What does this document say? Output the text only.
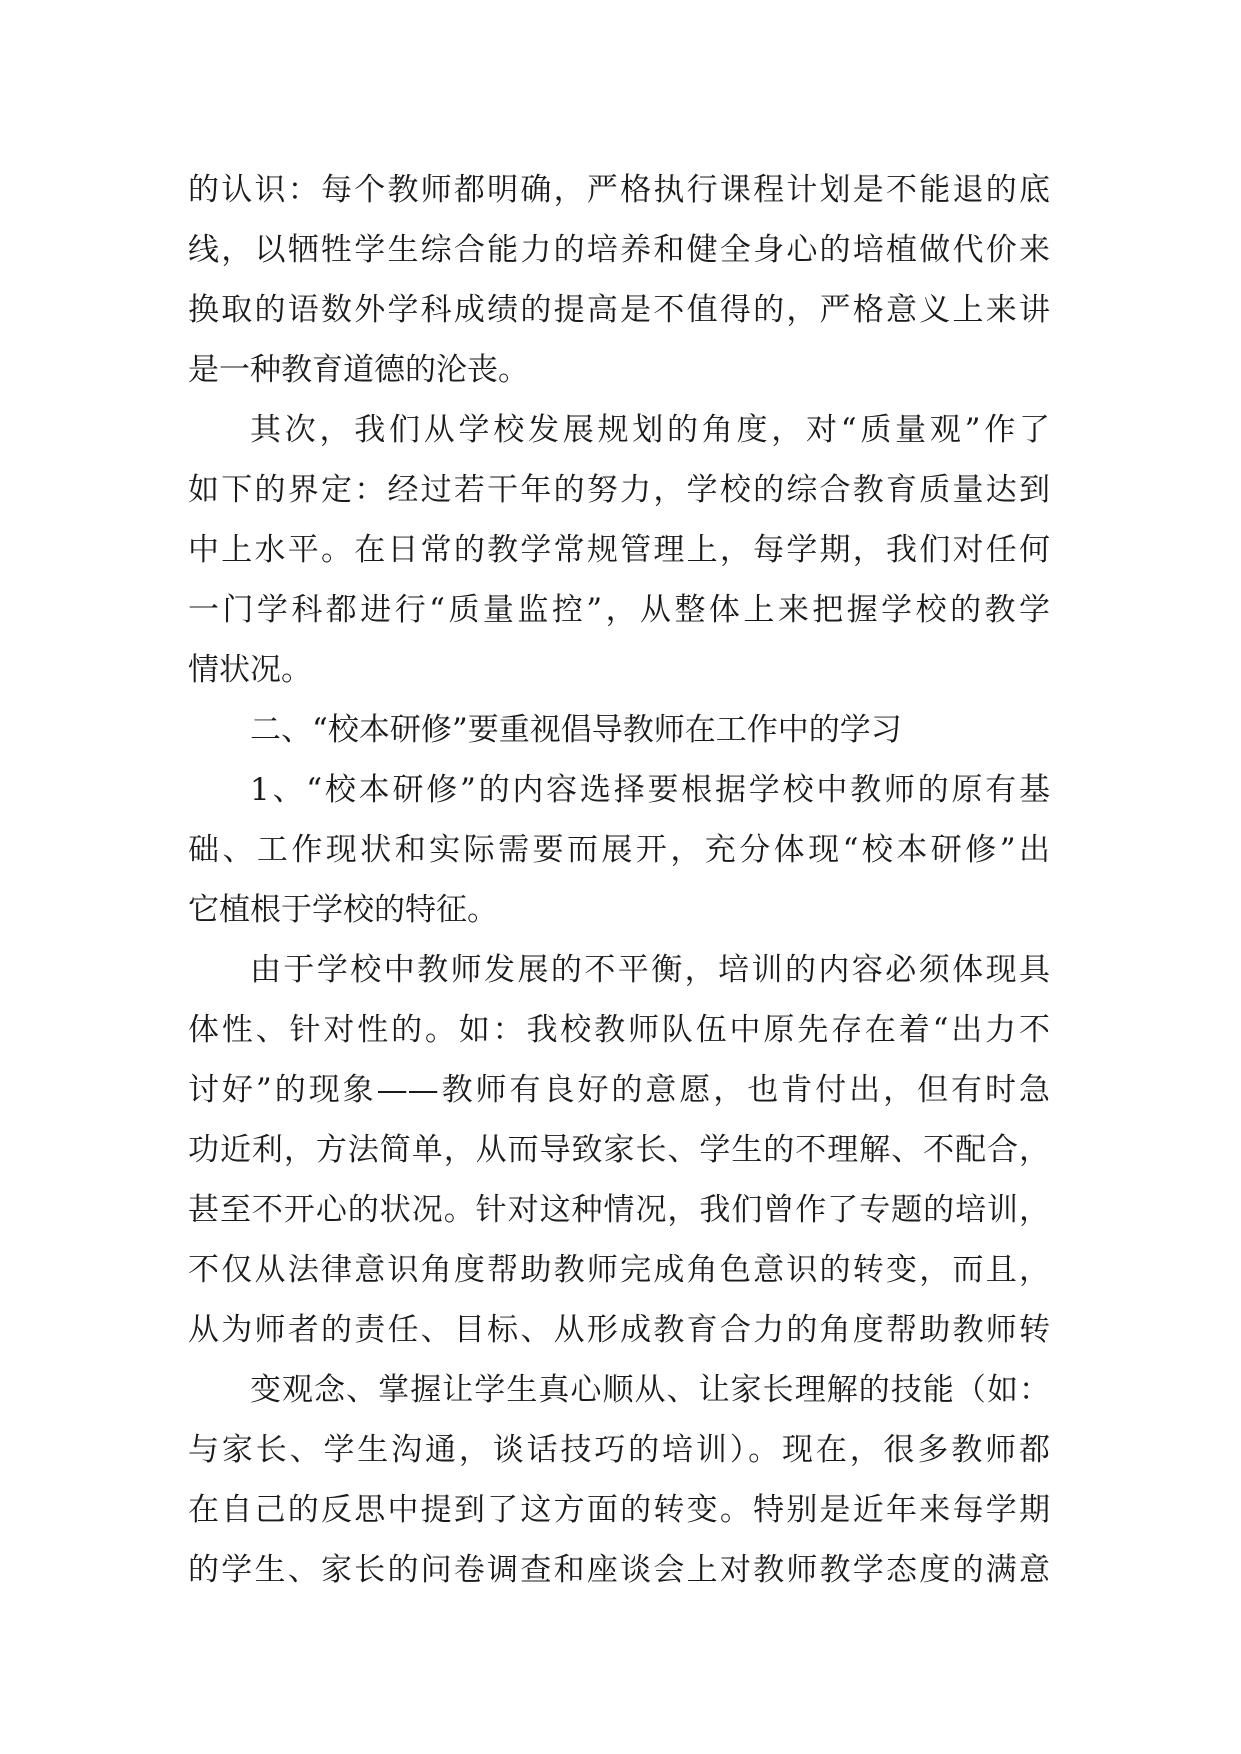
的认识：每个教师都明确，严格执行课程计划是不能退的底
线，以牺牲学生综合能力的培养和健全身心的培植做代价来
换取的语数外学科成绩的提高是不值得的，严格意义上来讲
是一种教育道德的沦丧。
其次，我们从学校发展规划的角度，对“质量观”作了
如下的界定：经过若干年的努力，学校的综合教育质量达到
中上水平。在日常的教学常规管理上，每学期，我们对任何
一门学科都进行“质量监控”，从整体上来把握学校的教学
情状况。
二、“校本研修”要重视倡导教师在工作中的学习
1、“校本研修”的内容选择要根据学校中教师的原有基
础、工作现状和实际需要而展开，充分体现“校本研修”出
它植根于学校的特征。
由于学校中教师发展的不平衡，培训的内容必须体现具
体性、针对性的。如：我校教师队伍中原先存在着“出力不
讨好”的现象——教师有良好的意愿，也肯付出，但有时急
功近利，方法简单，从而导致家长、学生的不理解、不配合，
甚至不开心的状况。针对这种情况，我们曾作了专题的培训，
不仅从法律意识角度帮助教师完成角色意识的转变，而且，
从为师者的责任、目标、从形成教育合力的角度帮助教师转
变观念、掌握让学生真心顺从、让家长理解的技能（如：
与家长、学生沟通，谈话技巧的培训）。现在，很多教师都
在自己的反思中提到了这方面的转变。特别是近年来每学期
的学生、家长的问卷调查和座谈会上对教师教学态度的满意
